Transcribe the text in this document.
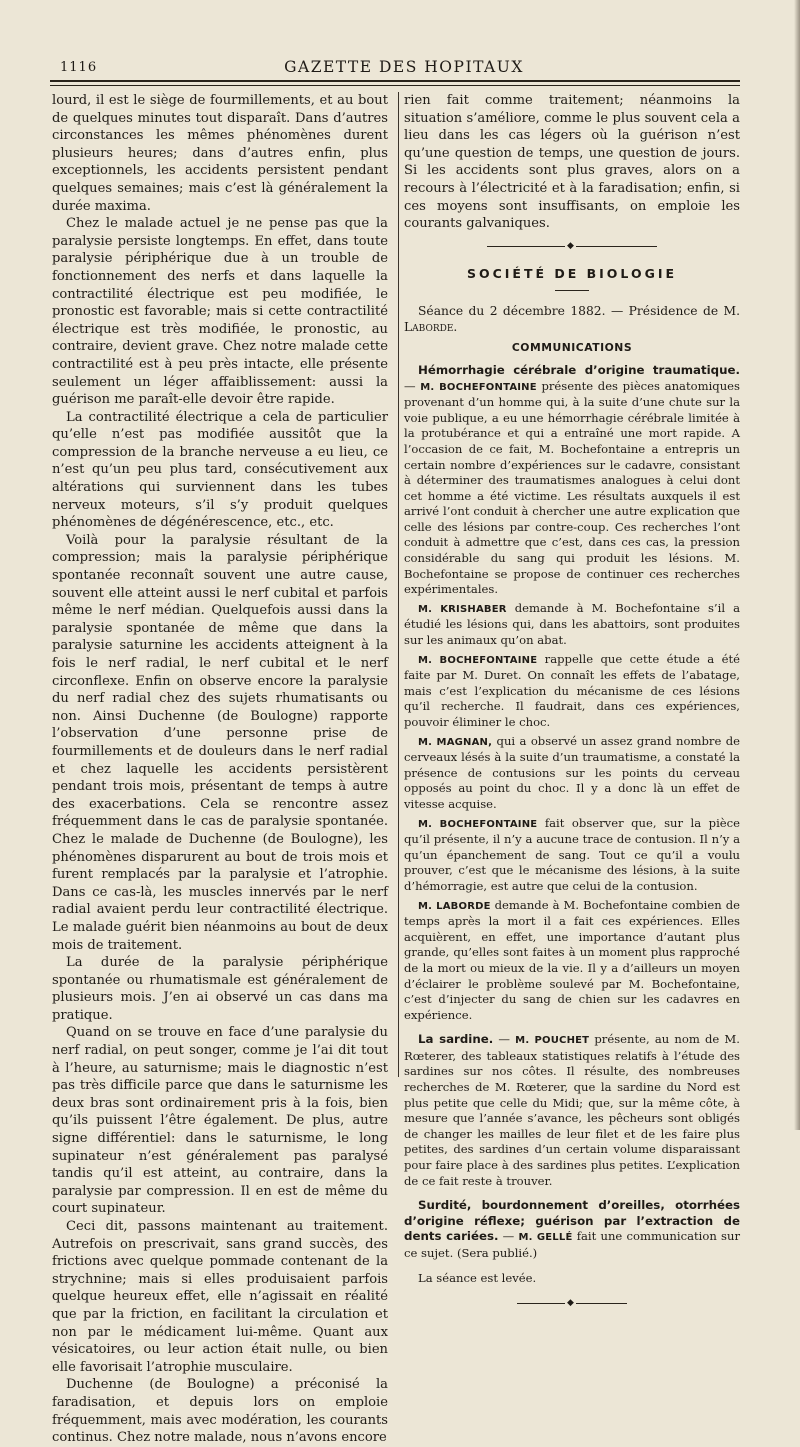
1116	GAZETTE DES HOPITAUX

lourd, il est le siège de fourmillements, et au bout de quelques minutes tout disparaît. Dans d’autres circonstances les mêmes phénomènes durent plusieurs heures; dans d’autres enfin, plus exceptionnels, les accidents persistent pendant quelques semaines; mais c’est là généralement la durée maxima.

Chez le malade actuel je ne pense pas que la paralysie persiste longtemps. En effet, dans toute paralysie périphérique due à un trouble de fonctionnement des nerfs et dans laquelle la contractilité électrique est peu modifiée, le pronostic est favorable; mais si cette contractilité électrique est très modifiée, le pronostic, au contraire, devient grave. Chez notre malade cette contractilité est à peu près intacte, elle présente seulement un léger affaiblissement: aussi la guérison me paraît-elle devoir être rapide.

La contractilité électrique a cela de particulier qu’elle n’est pas modifiée aussitôt que la compression de la branche nerveuse a eu lieu, ce n’est qu’un peu plus tard, consécutivement aux altérations qui surviennent dans les tubes nerveux moteurs, s’il s’y produit quelques phénomènes de dégénérescence, etc., etc.

Voilà pour la paralysie résultant de la compression; mais la paralysie périphérique spontanée reconnaît souvent une autre cause, souvent elle atteint aussi le nerf cubital et parfois même le nerf médian. Quelquefois aussi dans la paralysie spontanée de même que dans la paralysie saturnine les accidents atteignent à la fois le nerf radial, le nerf cubital et le nerf circonflexe. Enfin on observe encore la paralysie du nerf radial chez des sujets rhumatisants ou non. Ainsi Duchenne (de Boulogne) rapporte l’observation d’une personne prise de fourmillements et de douleurs dans le nerf radial et chez laquelle les accidents persistèrent pendant trois mois, présentant de temps à autre des exacerbations. Cela se rencontre assez fréquemment dans le cas de paralysie spontanée. Chez le malade de Duchenne (de Boulogne), les phénomènes disparurent au bout de trois mois et furent remplacés par la paralysie et l’atrophie. Dans ce cas-là, les muscles innervés par le nerf radial avaient perdu leur contractilité électrique. Le malade guérit bien néanmoins au bout de deux mois de traitement.

La durée de la paralysie périphérique spontanée ou rhumatismale est généralement de plusieurs mois. J’en ai observé un cas dans ma pratique.

Quand on se trouve en face d’une paralysie du nerf radial, on peut songer, comme je l’ai dit tout à l’heure, au saturnisme; mais le diagnostic n’est pas très difficile parce que dans le saturnisme les deux bras sont ordinairement pris à la fois, bien qu’ils puissent l’être également. De plus, autre signe différentiel: dans le saturnisme, le long supinateur n’est généralement pas paralysé tandis qu’il est atteint, au contraire, dans la paralysie par compression. Il en est de même du court supinateur.

Ceci dit, passons maintenant au traitement. Autrefois on prescrivait, sans grand succès, des frictions avec quelque pommade contenant de la strychnine; mais si elles produisaient parfois quelque heureux effet, elle n’agissait en réalité que par la friction, en facilitant la circulation et non par le médicament lui-même. Quant aux vésicatoires, ou leur action était nulle, ou bien elle favorisait l’atrophie musculaire.

Duchenne (de Boulogne) a préconisé la faradisation, et depuis lors on emploie fréquemment, mais avec modération, les courants continus. Chez notre malade, nous n’avons encore

rien fait comme traitement; néanmoins la situation s’améliore, comme le plus souvent cela a lieu dans les cas légers où la guérison n’est qu’une question de temps, une question de jours. Si les accidents sont plus graves, alors on a recours à l’électricité et à la faradisation; enfin, si ces moyens sont insuffisants, on emploie les courants galvaniques.

◆
SOCIÉTÉ DE BIOLOGIE

Séance du 2 décembre 1882. — Présidence de M. Laborde.

COMMUNICATIONS

Hémorrhagie cérébrale d’origine traumatique. — M. BOCHEFONTAINE présente des pièces anatomiques provenant d’un homme qui, à la suite d’une chute sur la voie publique, a eu une hémorrhagie cérébrale limitée à la protubérance et qui a entraîné une mort rapide. A l’occasion de ce fait, M. Bochefontaine a entrepris un certain nombre d’expériences sur le cadavre, consistant à déterminer des traumatismes analogues à celui dont cet homme a été victime. Les résultats auxquels il est arrivé l’ont conduit à chercher une autre explication que celle des lésions par contre-coup. Ces recherches l’ont conduit à admettre que c’est, dans ces cas, la pression considérable du sang qui produit les lésions. M. Bochefontaine se propose de continuer ces recherches expérimentales.

M. KRISHABER demande à M. Bochefontaine s’il a étudié les lésions qui, dans les abattoirs, sont produites sur les animaux qu’on abat.

M. BOCHEFONTAINE rappelle que cette étude a été faite par M. Duret. On connaît les effets de l’abatage, mais c’est l’explication du mécanisme de ces lésions qu’il recherche. Il faudrait, dans ces expériences, pouvoir éliminer le choc.

M. MAGNAN, qui a observé un assez grand nombre de cerveaux lésés à la suite d’un traumatisme, a constaté la présence de contusions sur les points du cerveau opposés au point du choc. Il y a donc là un effet de vitesse acquise.

M. BOCHEFONTAINE fait observer que, sur la pièce qu’il présente, il n’y a aucune trace de contusion. Il n’y a qu’un épanchement de sang. Tout ce qu’il a voulu prouver, c’est que le mécanisme des lésions, à la suite d’hémorragie, est autre que celui de la contusion.

M. LABORDE demande à M. Bochefontaine combien de temps après la mort il a fait ces expériences. Elles acquièrent, en effet, une importance d’autant plus grande, qu’elles sont faites à un moment plus rapproché de la mort ou mieux de la vie. Il y a d’ailleurs un moyen d’éclairer le problème soulevé par M. Bochefontaine, c’est d’injecter du sang de chien sur les cadavres en expérience.

La sardine. — M. POUCHET présente, au nom de M. Rœterer, des tableaux statistiques relatifs à l’étude des sardines sur nos côtes. Il résulte, des nombreuses recherches de M. Rœterer, que la sardine du Nord est plus petite que celle du Midi; que, sur la même côte, à mesure que l’année s’avance, les pêcheurs sont obligés de changer les mailles de leur filet et de les faire plus petites, des sardines d’un certain volume disparaissant pour faire place à des sardines plus petites. L’explication de ce fait reste à trouver.

Surdité, bourdonnement d’oreilles, otorrhées d’origine réflexe; guérison par l’extraction de dents cariées. — M. GELLÉ fait une communication sur ce sujet. (Sera publié.)

La séance est levée.

◆
